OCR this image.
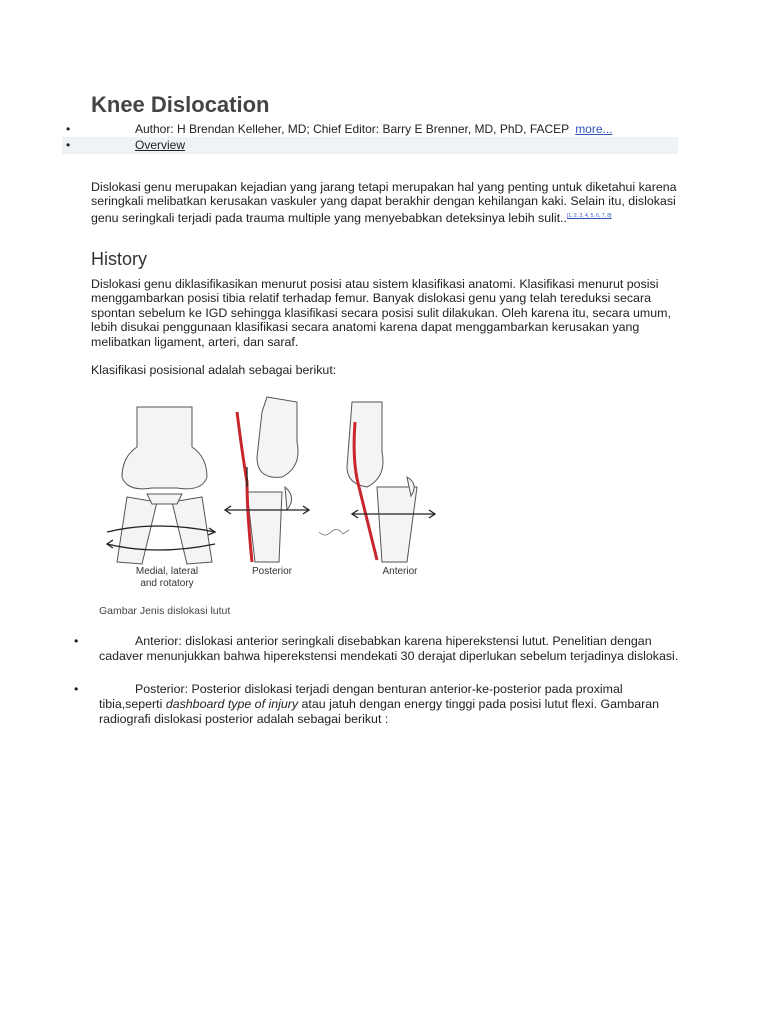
Knee Dislocation
•	Author: H Brendan Kelleher, MD; Chief Editor: Barry E Brenner, MD, PhD, FACEP more...
•	Overview

Dislokasi genu merupakan kejadian yang jarang tetapi merupakan hal yang penting untuk diketahui karena seringkali melibatkan kerusakan vaskuler yang dapat berakhir dengan kehilangan kaki. Selain itu, dislokasi genu seringkali terjadi pada trauma multiple yang menyebabkan deteksinya lebih sulit..[1, 2, 3, 4, 5, 6, 7, 8]

History

Dislokasi genu diklasifikasikan menurut posisi atau sistem klasifikasi anatomi. Klasifikasi menurut posisi menggambarkan posisi tibia relatif terhadap femur. Banyak dislokasi genu yang telah tereduksi secara spontan sebelum ke IGD sehingga klasifikasi secara posisi sulit dilakukan. Oleh karena itu, secara umum, lebih disukai penggunaan klasifikasi secara anatomi karena dapat menggambarkan kerusakan yang melibatkan ligament, arteri, dan saraf.

Klasifikasi posisional adalah sebagai berikut:

Medial, lateral
and rotatory
Posterior	Anterior
Gambar Jenis dislokasi lutut
•	Anterior: dislokasi anterior seringkali disebabkan karena hiperekstensi lutut. Penelitian dengan cadaver menunjukkan bahwa hiperekstensi mendekati 30 derajat diperlukan sebelum terjadinya dislokasi.
•	Posterior: Posterior dislokasi terjadi dengan benturan anterior-ke-posterior pada proximal tibia,seperti dashboard type of injury atau jatuh dengan energy tinggi pada posisi lutut flexi. Gambaran radiografi dislokasi posterior adalah sebagai berikut :
